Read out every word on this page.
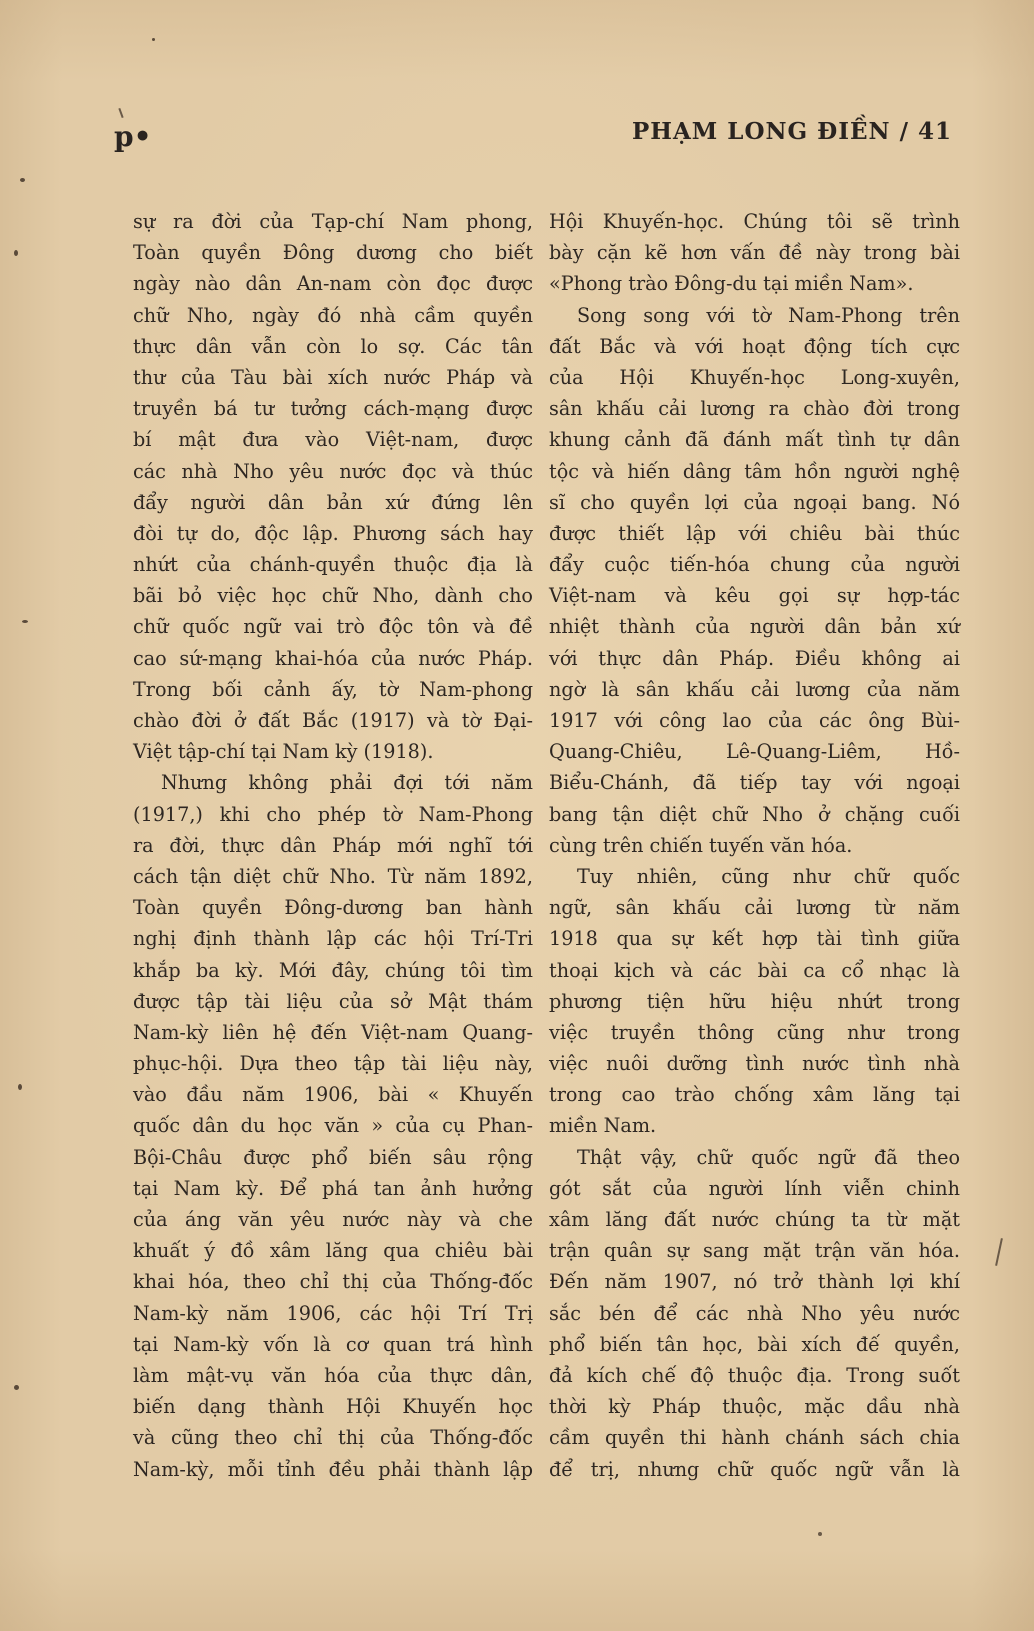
p•	PHẠM LONG ĐIỀN / 41
sự ra đời của Tạp-chí Nam phong,
Toàn quyền Đông dương cho biết
ngày nào dân An-nam còn đọc được
chữ Nho, ngày đó nhà cầm quyền
thực dân vẫn còn lo sợ. Các tân
thư của Tàu bài xích nước Pháp và
truyền bá tư tưởng cách-mạng được
bí mật đưa vào Việt-nam, được
các nhà Nho yêu nước đọc và thúc
đẩy người dân bản xứ đứng lên
đòi tự do, độc lập. Phương sách hay
nhứt của chánh-quyền thuộc địa là
bãi bỏ việc học chữ Nho, dành cho
chữ quốc ngữ vai trò độc tôn và đề
cao sứ-mạng khai-hóa của nước Pháp.
Trong bối cảnh ấy, tờ Nam-phong
chào đời ở đất Bắc (1917) và tờ Đại-
Việt tập-chí tại Nam kỳ (1918).
Nhưng không phải đợi tới năm
(1917,) khi cho phép tờ Nam-Phong
ra đời, thực dân Pháp mới nghĩ tới
cách tận diệt chữ Nho. Từ năm 1892,
Toàn quyền Đông-dương ban hành
nghị định thành lập các hội Trí-Tri
khắp ba kỳ. Mới đây, chúng tôi tìm
được tập tài liệu của sở Mật thám
Nam-kỳ liên hệ đến Việt-nam Quang-
phục-hội. Dựa theo tập tài liệu này,
vào đầu năm 1906, bài « Khuyến
quốc dân du học văn » của cụ Phan-
Bội-Châu được phổ biến sâu rộng
tại Nam kỳ. Để phá tan ảnh hưởng
của áng văn yêu nước này và che
khuất ý đồ xâm lăng qua chiêu bài
khai hóa, theo chỉ thị của Thống-đốc
Nam-kỳ năm 1906, các hội Trí Trị
tại Nam-kỳ vốn là cơ quan trá hình
làm mật-vụ văn hóa của thực dân,
biến dạng thành Hội Khuyến học
và cũng theo chỉ thị của Thống-đốc
Nam-kỳ, mỗi tỉnh đều phải thành lập
Hội Khuyến-học. Chúng tôi sẽ trình
bày cặn kẽ hơn vấn đề này trong bài
«Phong trào Đông-du tại miền Nam».
Song song với tờ Nam-Phong trên
đất Bắc và với hoạt động tích cực
của Hội Khuyến-học Long-xuyên,
sân khấu cải lương ra chào đời trong
khung cảnh đã đánh mất tình tự dân
tộc và hiến dâng tâm hồn người nghệ
sĩ cho quyền lợi của ngoại bang. Nó
được thiết lập với chiêu bài thúc
đẩy cuộc tiến-hóa chung của người
Việt-nam và kêu gọi sự hợp-tác
nhiệt thành của người dân bản xứ
với thực dân Pháp. Điều không ai
ngờ là sân khấu cải lương của năm
1917 với công lao của các ông Bùi-
Quang-Chiêu, Lê-Quang-Liêm, Hồ-
Biểu-Chánh, đã tiếp tay với ngoại
bang tận diệt chữ Nho ở chặng cuối
cùng trên chiến tuyến văn hóa.
Tuy nhiên, cũng như chữ quốc
ngữ, sân khấu cải lương từ năm
1918 qua sự kết hợp tài tình giữa
thoại kịch và các bài ca cổ nhạc là
phương tiện hữu hiệu nhứt trong
việc truyền thông cũng như trong
việc nuôi dưỡng tình nước tình nhà
trong cao trào chống xâm lăng tại
miền Nam.
Thật vậy, chữ quốc ngữ đã theo
gót sắt của người lính viễn chinh
xâm lăng đất nước chúng ta từ mặt
trận quân sự sang mặt trận văn hóa.
Đến năm 1907, nó trở thành lợi khí
sắc bén để các nhà Nho yêu nước
phổ biến tân học, bài xích đế quyền,
đả kích chế độ thuộc địa. Trong suốt
thời kỳ Pháp thuộc, mặc dầu nhà
cầm quyền thi hành chánh sách chia
để trị, nhưng chữ quốc ngữ vẫn là
